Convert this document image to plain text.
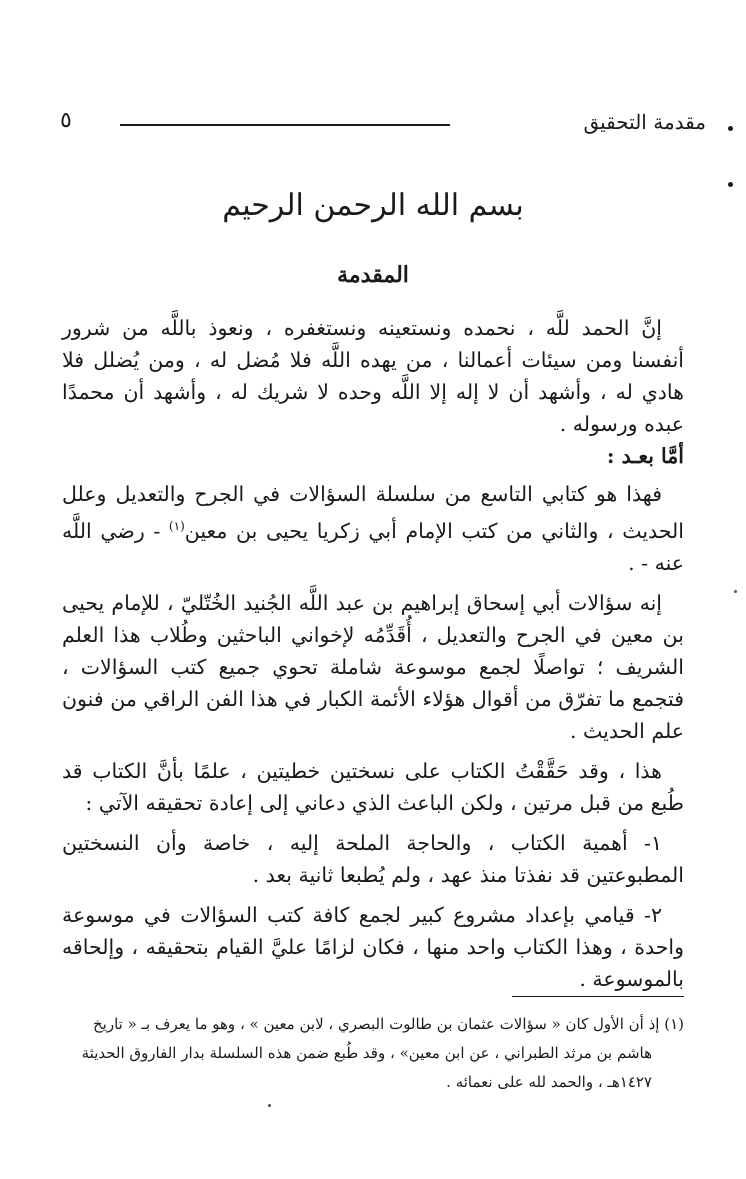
مقدمة التحقيق
٥
بسم الله الرحمن الرحيم
المقدمة

إنَّ الحمد للَّه ، نحمده ونستعينه ونستغفره ، ونعوذ باللَّه من شرور أنفسنا ومن سيئات أعمالنا ، من يهده اللَّه فلا مُضل له ، ومن يُضلل فلا هادي له ، وأشهد أن لا إله إلا اللَّه وحده لا شريك له ، وأشهد أن محمدًا عبده ورسوله .

أمَّا بعـد :

فهذا هو كتابي التاسع من سلسلة السؤالات في الجرح والتعديل وعلل الحديث ، والثاني من كتب الإمام أبي زكريا يحيى بن معين$^{(١)}$ - رضي اللَّه عنه - .

إنه سؤالات أبي إسحاق إبراهيم بن عبد اللَّه الجُنيد الخُتّليّ ، للإمام يحيى بن معين في الجرح والتعديل ، أُقَدِّمُه لإخواني الباحثين وطُلاب هذا العلم الشريف ؛ تواصلًا لجمع موسوعة شاملة تحوي جميع كتب السؤالات ، فتجمع ما تفرّق من أقوال هؤلاء الأئمة الكبار في هذا الفن الراقي من فنون علم الحديث .

هذا ، وقد حَقَّقْتُ الكتاب على نسختين خطيتين ، علمًا بأنَّ الكتاب قد طُبع من قبل مرتين ، ولكن الباعث الذي دعاني إلى إعادة تحقيقه الآتي :

١- أهمية الكتاب ، والحاجة الملحة إليه ، خاصة وأن النسختين المطبوعتين قد نفذتا منذ عهد ، ولم يُطبعا ثانية بعد .

٢- قيامي بإعداد مشروع كبير لجمع كافة كتب السؤالات في موسوعة واحدة ، وهذا الكتاب واحد منها ، فكان لزامًا عليَّ القيام بتحقيقه ، وإلحاقه بالموسوعة .

(١) إذ أن الأول كان « سؤالات عثمان بن طالوت البصري ، لابن معين » ، وهو ما يعرف بـ « تاريخ
هاشم بن مرثد الطبراني ، عن ابن معين» ، وقد طُبع ضمن هذه السلسلة بدار الفاروق الحديثة
١٤٢٧هـ ، والحمد لله على نعمائه .
